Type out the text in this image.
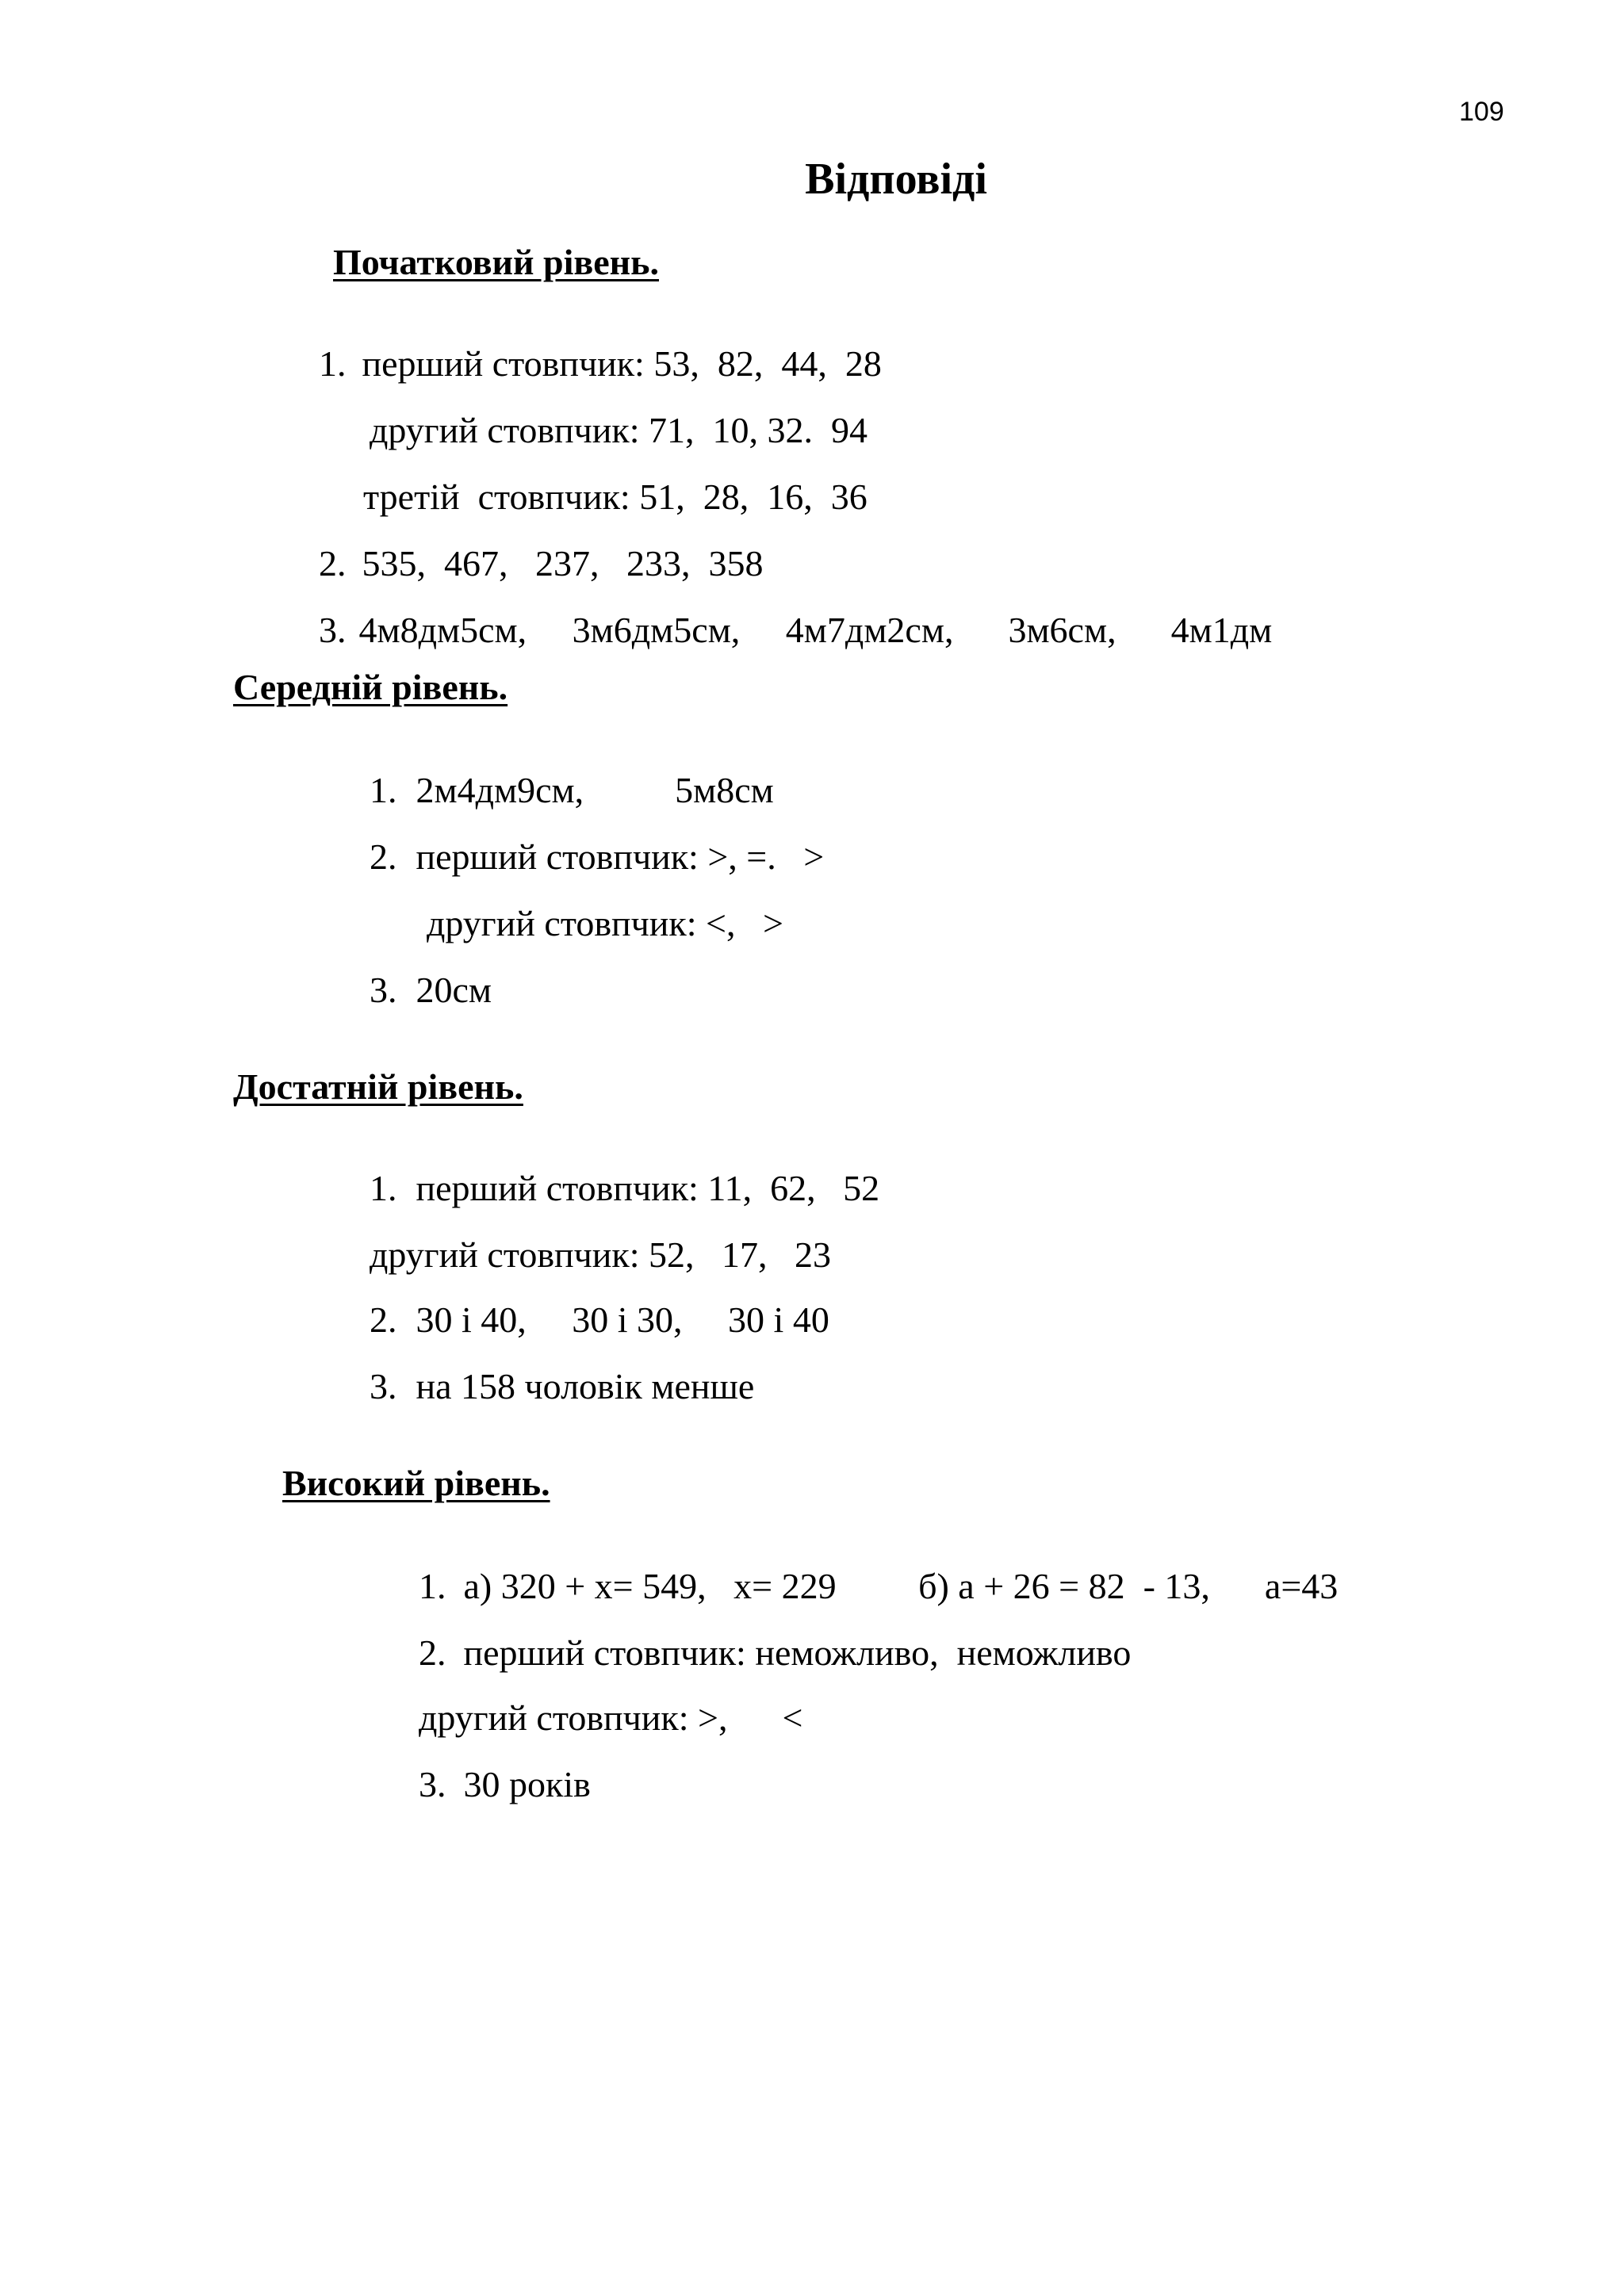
109
Відповіді
Початковий рівень.

1. перший стовпчик: 53,  82,  44,  28

другий стовпчик: 71,  10, 32.  94

третій  стовпчик: 51,  28,  16,  36

2. 535,  467,   237,   233,  358

3. 4м8дм5см,     3м6дм5см,     4м7дм2см,      3м6см,      4м1дм

Середній рівень.

1. 2м4дм9см,          5м8см

2. перший стовпчик: >, =.   >

другий стовпчик: <,   >

3. 20см

Достатній рівень.

1. перший стовпчик: 11,  62,   52

другий стовпчик: 52,   17,   23

2. 30 і 40,     30 і 30,     30 і 40

3. на 158 чоловік менше

Високий рівень.

1. а) 320 + х= 549,   х= 229         б) а + 26 = 82  - 13,      а=43

2. перший стовпчик: неможливо,  неможливо

другий стовпчик: >,      <

3. 30 років
